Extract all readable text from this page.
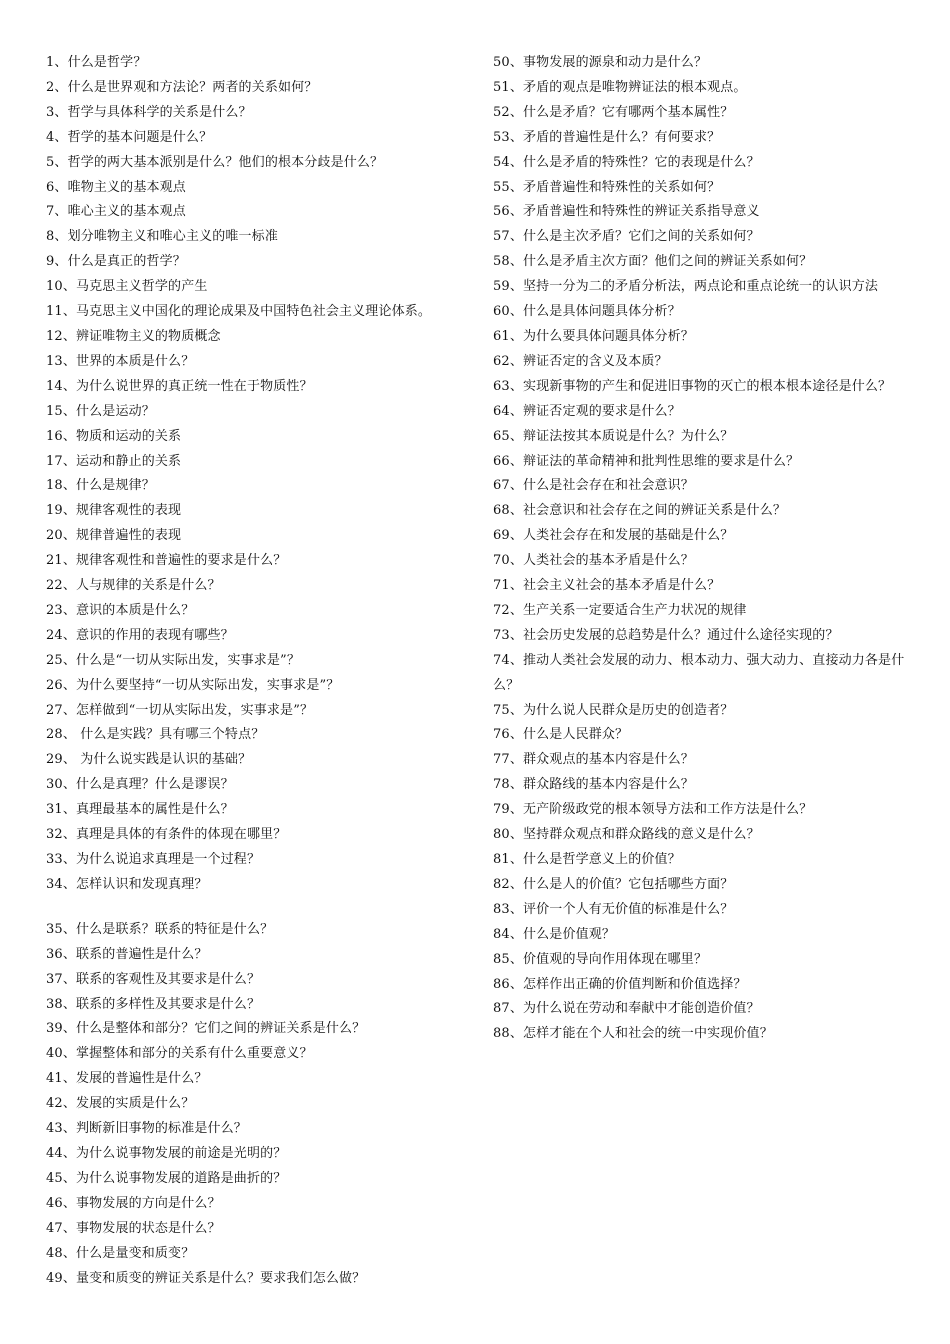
1、什么是哲学？
2、什么是世界观和方法论？两者的关系如何？
3、哲学与具体科学的关系是什么？
4、哲学的基本问题是什么？
5、哲学的两大基本派别是什么？他们的根本分歧是什么？
6、唯物主义的基本观点
7、唯心主义的基本观点
8、划分唯物主义和唯心主义的唯一标准
9、什么是真正的哲学？
10、马克思主义哲学的产生
11、马克思主义中国化的理论成果及中国特色社会主义理论体系。
12、辨证唯物主义的物质概念
13、世界的本质是什么？
14、为什么说世界的真正统一性在于物质性？
15、什么是运动？
16、物质和运动的关系
17、运动和静止的关系
18、什么是规律？
19、规律客观性的表现
20、规律普遍性的表现
21、规律客观性和普遍性的要求是什么？
22、人与规律的关系是什么？
23、意识的本质是什么？
24、意识的作用的表现有哪些？
25、什么是“一切从实际出发，实事求是”？
26、为什么要坚持“一切从实际出发，实事求是”？
27、怎样做到“一切从实际出发，实事求是”？
28、 什么是实践？具有哪三个特点？
29、 为什么说实践是认识的基础？
30、什么是真理？什么是谬误？
31、真理最基本的属性是什么？
32、真理是具体的有条件的体现在哪里？
33、为什么说追求真理是一个过程？
34、怎样认识和发现真理？
35、什么是联系？联系的特征是什么？
36、联系的普遍性是什么？
37、联系的客观性及其要求是什么？
38、联系的多样性及其要求是什么？
39、什么是整体和部分？它们之间的辨证关系是什么？
40、掌握整体和部分的关系有什么重要意义？
41、发展的普遍性是什么？
42、发展的实质是什么？
43、判断新旧事物的标准是什么？
44、为什么说事物发展的前途是光明的？
45、为什么说事物发展的道路是曲折的？
46、事物发展的方向是什么？
47、事物发展的状态是什么？
48、什么是量变和质变？
49、量变和质变的辨证关系是什么？要求我们怎么做？
50、事物发展的源泉和动力是什么？
51、矛盾的观点是唯物辨证法的根本观点。
52、什么是矛盾？它有哪两个基本属性？
53、矛盾的普遍性是什么？有何要求？
54、什么是矛盾的特殊性？它的表现是什么？
55、矛盾普遍性和特殊性的关系如何？
56、矛盾普遍性和特殊性的辨证关系指导意义
57、什么是主次矛盾？它们之间的关系如何？
58、什么是矛盾主次方面？他们之间的辨证关系如何？
59、坚持一分为二的矛盾分析法，两点论和重点论统一的认识方法
60、什么是具体问题具体分析？
61、为什么要具体问题具体分析？
62、辨证否定的含义及本质？
63、实现新事物的产生和促进旧事物的灭亡的根本根本途径是什么？
64、辨证否定观的要求是什么？
65、辩证法按其本质说是什么？为什么？
66、辩证法的革命精神和批判性思维的要求是什么？
67、什么是社会存在和社会意识？
68、社会意识和社会存在之间的辨证关系是什么？
69、人类社会存在和发展的基础是什么？
70、人类社会的基本矛盾是什么？
71、社会主义社会的基本矛盾是什么？
72、生产关系一定要适合生产力状况的规律
73、社会历史发展的总趋势是什么？通过什么途径实现的？
74、推动人类社会发展的动力、根本动力、强大动力、直接动力各是什么？
75、为什么说人民群众是历史的创造者？
76、什么是人民群众？
77、群众观点的基本内容是什么？
78、群众路线的基本内容是什么？
79、无产阶级政党的根本领导方法和工作方法是什么？
80、坚持群众观点和群众路线的意义是什么？
81、什么是哲学意义上的价值？
82、什么是人的价值？它包括哪些方面？
83、评价一个人有无价值的标准是什么？
84、什么是价值观？
85、价值观的导向作用体现在哪里？
86、怎样作出正确的价值判断和价值选择？
87、为什么说在劳动和奉献中才能创造价值？
88、怎样才能在个人和社会的统一中实现价值？
